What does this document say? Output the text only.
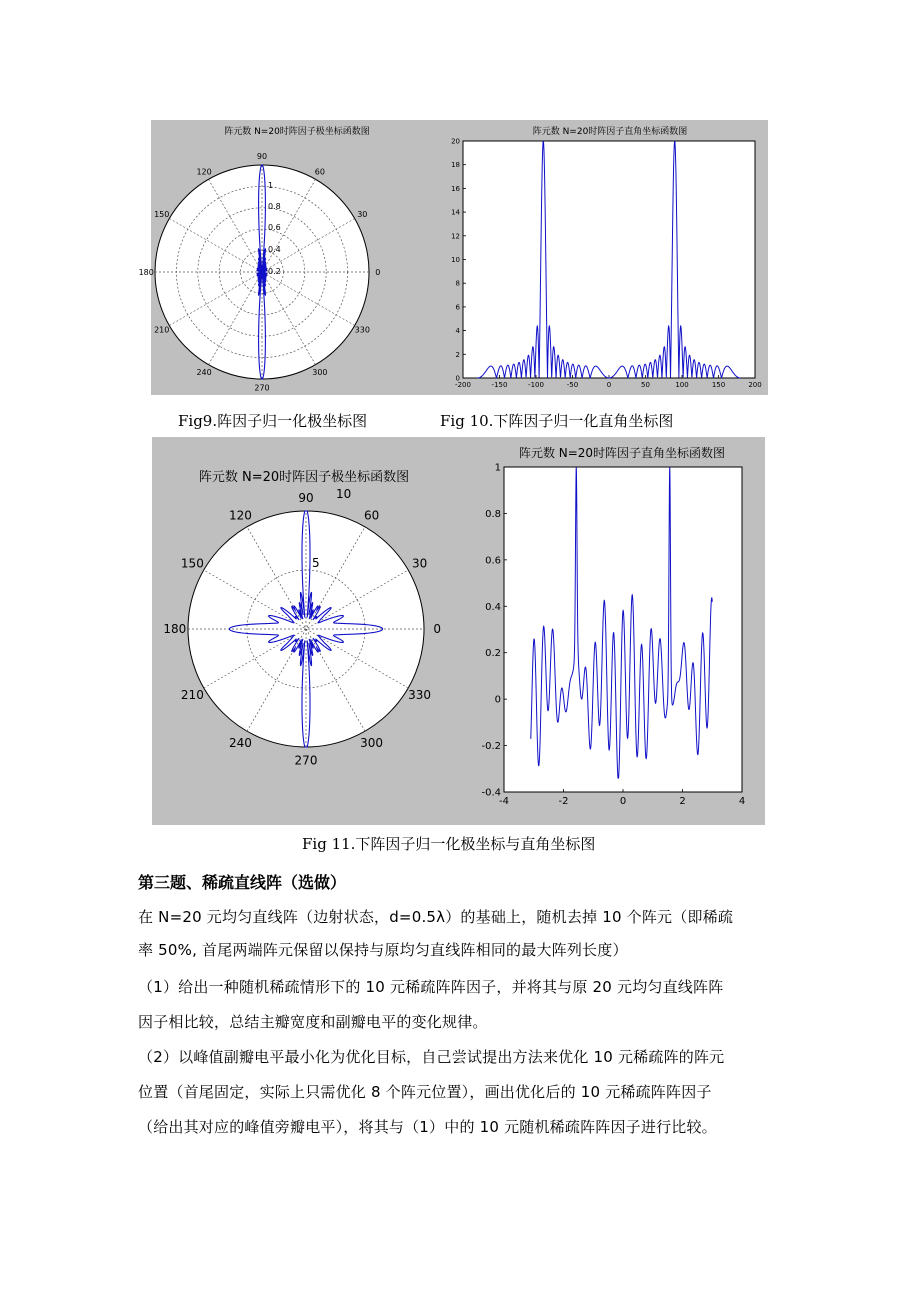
阵元数 N=20时阵因子极坐标函数图
90
60
30
0
330
300
270
240
210
180
150
120
0.2
0.4
0.6
0.8
1
阵元数 N=20时阵因子直角坐标函数图
-200	-150	-100	-50	0	50	100	150	200
0
2
4
6
8
10
12
14
16
18
20
Fig9.阵因子归一化极坐标图	Fig 10.下阵因子归一化直角坐标图
阵元数 N=20时阵因子极坐标函数图
90
60
30
0
330
300
270
240
210
180
150
120
5
10
阵元数 N=20时阵因子直角坐标函数图
-4	-2	0	2	4
-0.4
-0.2
0
0.2
0.4
0.6
0.8
1
Fig 11.下阵因子归一化极坐标与直角坐标图
第三题、稀疏直线阵（选做）
在 N=20 元均匀直线阵（边射状态，d=0.5λ）的基础上，随机去掉 10 个阵元（即稀疏
率 50%, 首尾两端阵元保留以保持与原均匀直线阵相同的最大阵列长度）
（1）给出一种随机稀疏情形下的 10 元稀疏阵阵因子，并将其与原 20 元均匀直线阵阵
因子相比较，总结主瓣宽度和副瓣电平的变化规律。
（2）以峰值副瓣电平最小化为优化目标，自己尝试提出方法来优化 10 元稀疏阵的阵元
位置（首尾固定，实际上只需优化 8 个阵元位置），画出优化后的 10 元稀疏阵阵因子
（给出其对应的峰值旁瓣电平），将其与（1）中的 10 元随机稀疏阵阵因子进行比较。
